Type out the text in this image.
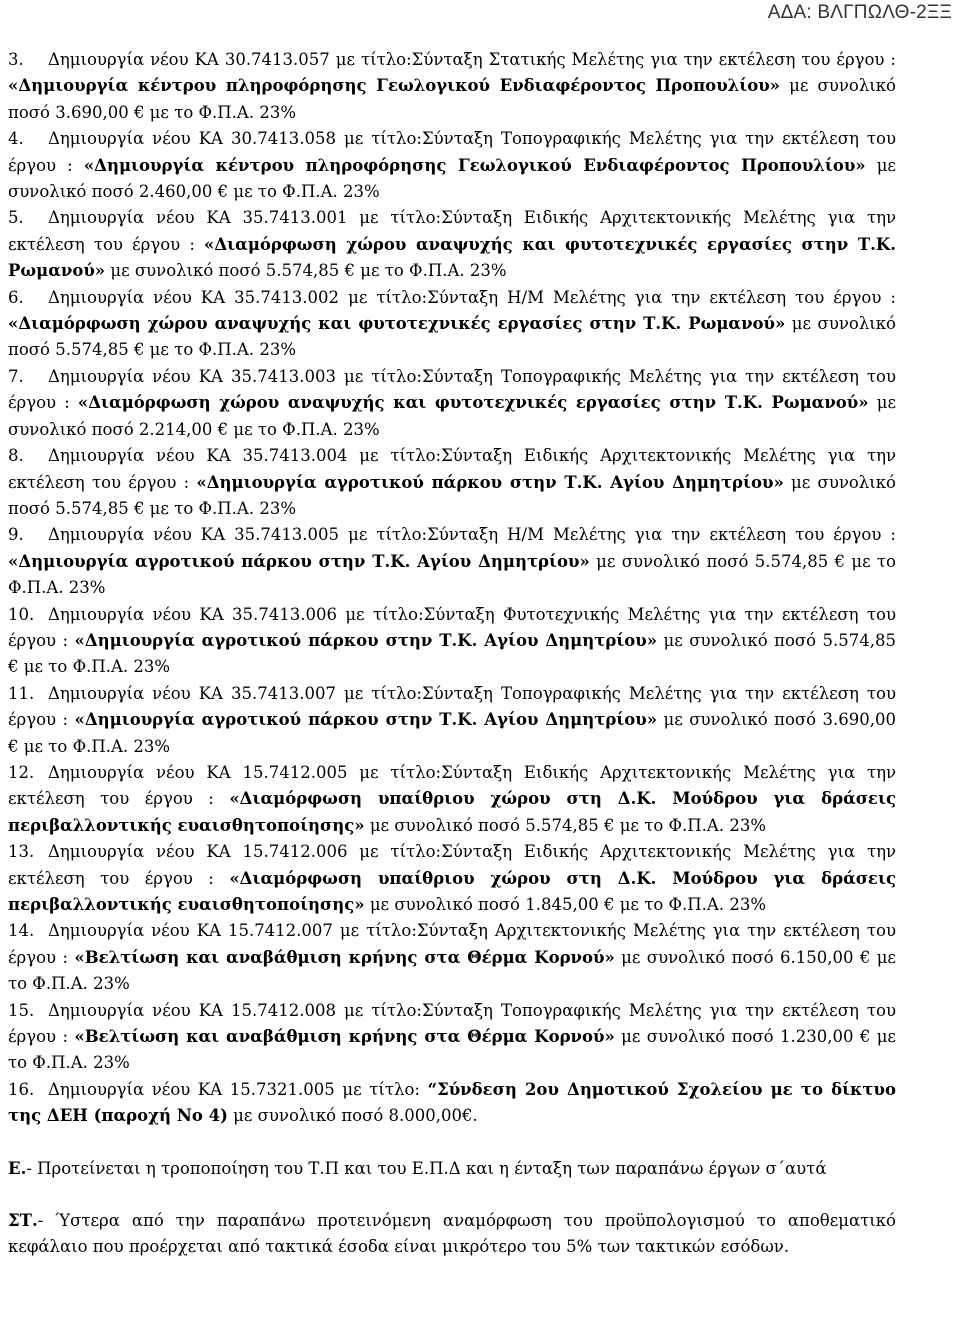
ΑΔΑ: ΒΛΓΠΩΛΘ-2ΞΞ

3. Δημιουργία νέου ΚΑ 30.7413.057 με τίτλο:Σύνταξη Στατικής Μελέτης για την εκτέλεση του έργου : «Δημιουργία κέντρου πληροφόρησης Γεωλογικού Ενδιαφέροντος Προπουλίου» με συνολικό ποσό 3.690,00 € με το Φ.Π.Α. 23%

4. Δημιουργία νέου ΚΑ 30.7413.058 με τίτλο:Σύνταξη Τοπογραφικής Μελέτης για την εκτέλεση του έργου : «Δημιουργία κέντρου πληροφόρησης Γεωλογικού Ενδιαφέροντος Προπουλίου» με συνολικό ποσό 2.460,00 € με το Φ.Π.Α. 23%

5. Δημιουργία νέου ΚΑ 35.7413.001 με τίτλο:Σύνταξη Ειδικής Αρχιτεκτονικής Μελέτης για την εκτέλεση του έργου : «Διαμόρφωση χώρου αναψυχής και φυτοτεχνικές εργασίες στην Τ.Κ. Ρωμανού» με συνολικό ποσό 5.574,85 € με το Φ.Π.Α. 23%

6. Δημιουργία νέου ΚΑ 35.7413.002 με τίτλο:Σύνταξη Η/Μ Μελέτης για την εκτέλεση του έργου : «Διαμόρφωση χώρου αναψυχής και φυτοτεχνικές εργασίες στην Τ.Κ. Ρωμανού» με συνολικό ποσό 5.574,85 € με το Φ.Π.Α. 23%

7. Δημιουργία νέου ΚΑ 35.7413.003 με τίτλο:Σύνταξη Τοπογραφικής Μελέτης για την εκτέλεση του έργου : «Διαμόρφωση χώρου αναψυχής και φυτοτεχνικές εργασίες στην Τ.Κ. Ρωμανού» με συνολικό ποσό 2.214,00 € με το Φ.Π.Α. 23%

8. Δημιουργία νέου ΚΑ 35.7413.004 με τίτλο:Σύνταξη Ειδικής Αρχιτεκτονικής Μελέτης για την εκτέλεση του έργου : «Δημιουργία αγροτικού πάρκου στην Τ.Κ. Αγίου Δημητρίου» με συνολικό ποσό 5.574,85 € με το Φ.Π.Α. 23%

9. Δημιουργία νέου ΚΑ 35.7413.005 με τίτλο:Σύνταξη Η/Μ Μελέτης για την εκτέλεση του έργου : «Δημιουργία αγροτικού πάρκου στην Τ.Κ. Αγίου Δημητρίου» με συνολικό ποσό 5.574,85 € με το Φ.Π.Α. 23%

10. Δημιουργία νέου ΚΑ 35.7413.006 με τίτλο:Σύνταξη Φυτοτεχνικής Μελέτης για την εκτέλεση του έργου : «Δημιουργία αγροτικού πάρκου στην Τ.Κ. Αγίου Δημητρίου» με συνολικό ποσό 5.574,85 € με το Φ.Π.Α. 23%

11. Δημιουργία νέου ΚΑ 35.7413.007 με τίτλο:Σύνταξη Τοπογραφικής Μελέτης για την εκτέλεση του έργου : «Δημιουργία αγροτικού πάρκου στην Τ.Κ. Αγίου Δημητρίου» με συνολικό ποσό 3.690,00 € με το Φ.Π.Α. 23%

12. Δημιουργία νέου ΚΑ 15.7412.005 με τίτλο:Σύνταξη Ειδικής Αρχιτεκτονικής Μελέτης για την εκτέλεση του έργου : «Διαμόρφωση υπαίθριου χώρου στη Δ.Κ. Μούδρου για δράσεις περιβαλλοντικής ευαισθητοποίησης» με συνολικό ποσό 5.574,85 € με το Φ.Π.Α. 23%

13. Δημιουργία νέου ΚΑ 15.7412.006 με τίτλο:Σύνταξη Ειδικής Αρχιτεκτονικής Μελέτης για την εκτέλεση του έργου : «Διαμόρφωση υπαίθριου χώρου στη Δ.Κ. Μούδρου για δράσεις περιβαλλοντικής ευαισθητοποίησης» με συνολικό ποσό 1.845,00 € με το Φ.Π.Α. 23%

14. Δημιουργία νέου ΚΑ 15.7412.007 με τίτλο:Σύνταξη Αρχιτεκτονικής Μελέτης για την εκτέλεση του έργου : «Βελτίωση και αναβάθμιση κρήνης στα Θέρμα Κορνού» με συνολικό ποσό 6.150,00 € με το Φ.Π.Α. 23%

15. Δημιουργία νέου ΚΑ 15.7412.008 με τίτλο:Σύνταξη Τοπογραφικής Μελέτης για την εκτέλεση του έργου : «Βελτίωση και αναβάθμιση κρήνης στα Θέρμα Κορνού» με συνολικό ποσό 1.230,00 € με το Φ.Π.Α. 23%

16. Δημιουργία νέου ΚΑ 15.7321.005 με τίτλο: “Σύνδεση 2ου Δημοτικού Σχολείου με το δίκτυο της ΔΕΗ (παροχή Νο 4) με συνολικό ποσό 8.000,00€.

Ε.- Προτείνεται η τροποποίηση του Τ.Π και του Ε.Π.Δ και η ένταξη των παραπάνω έργων σ΄αυτά

ΣΤ.- Ύστερα από την παραπάνω προτεινόμενη αναμόρφωση του προϋπολογισμού το αποθεματικό κεφάλαιο που προέρχεται από τακτικά έσοδα είναι μικρότερο του 5% των τακτικών εσόδων.
